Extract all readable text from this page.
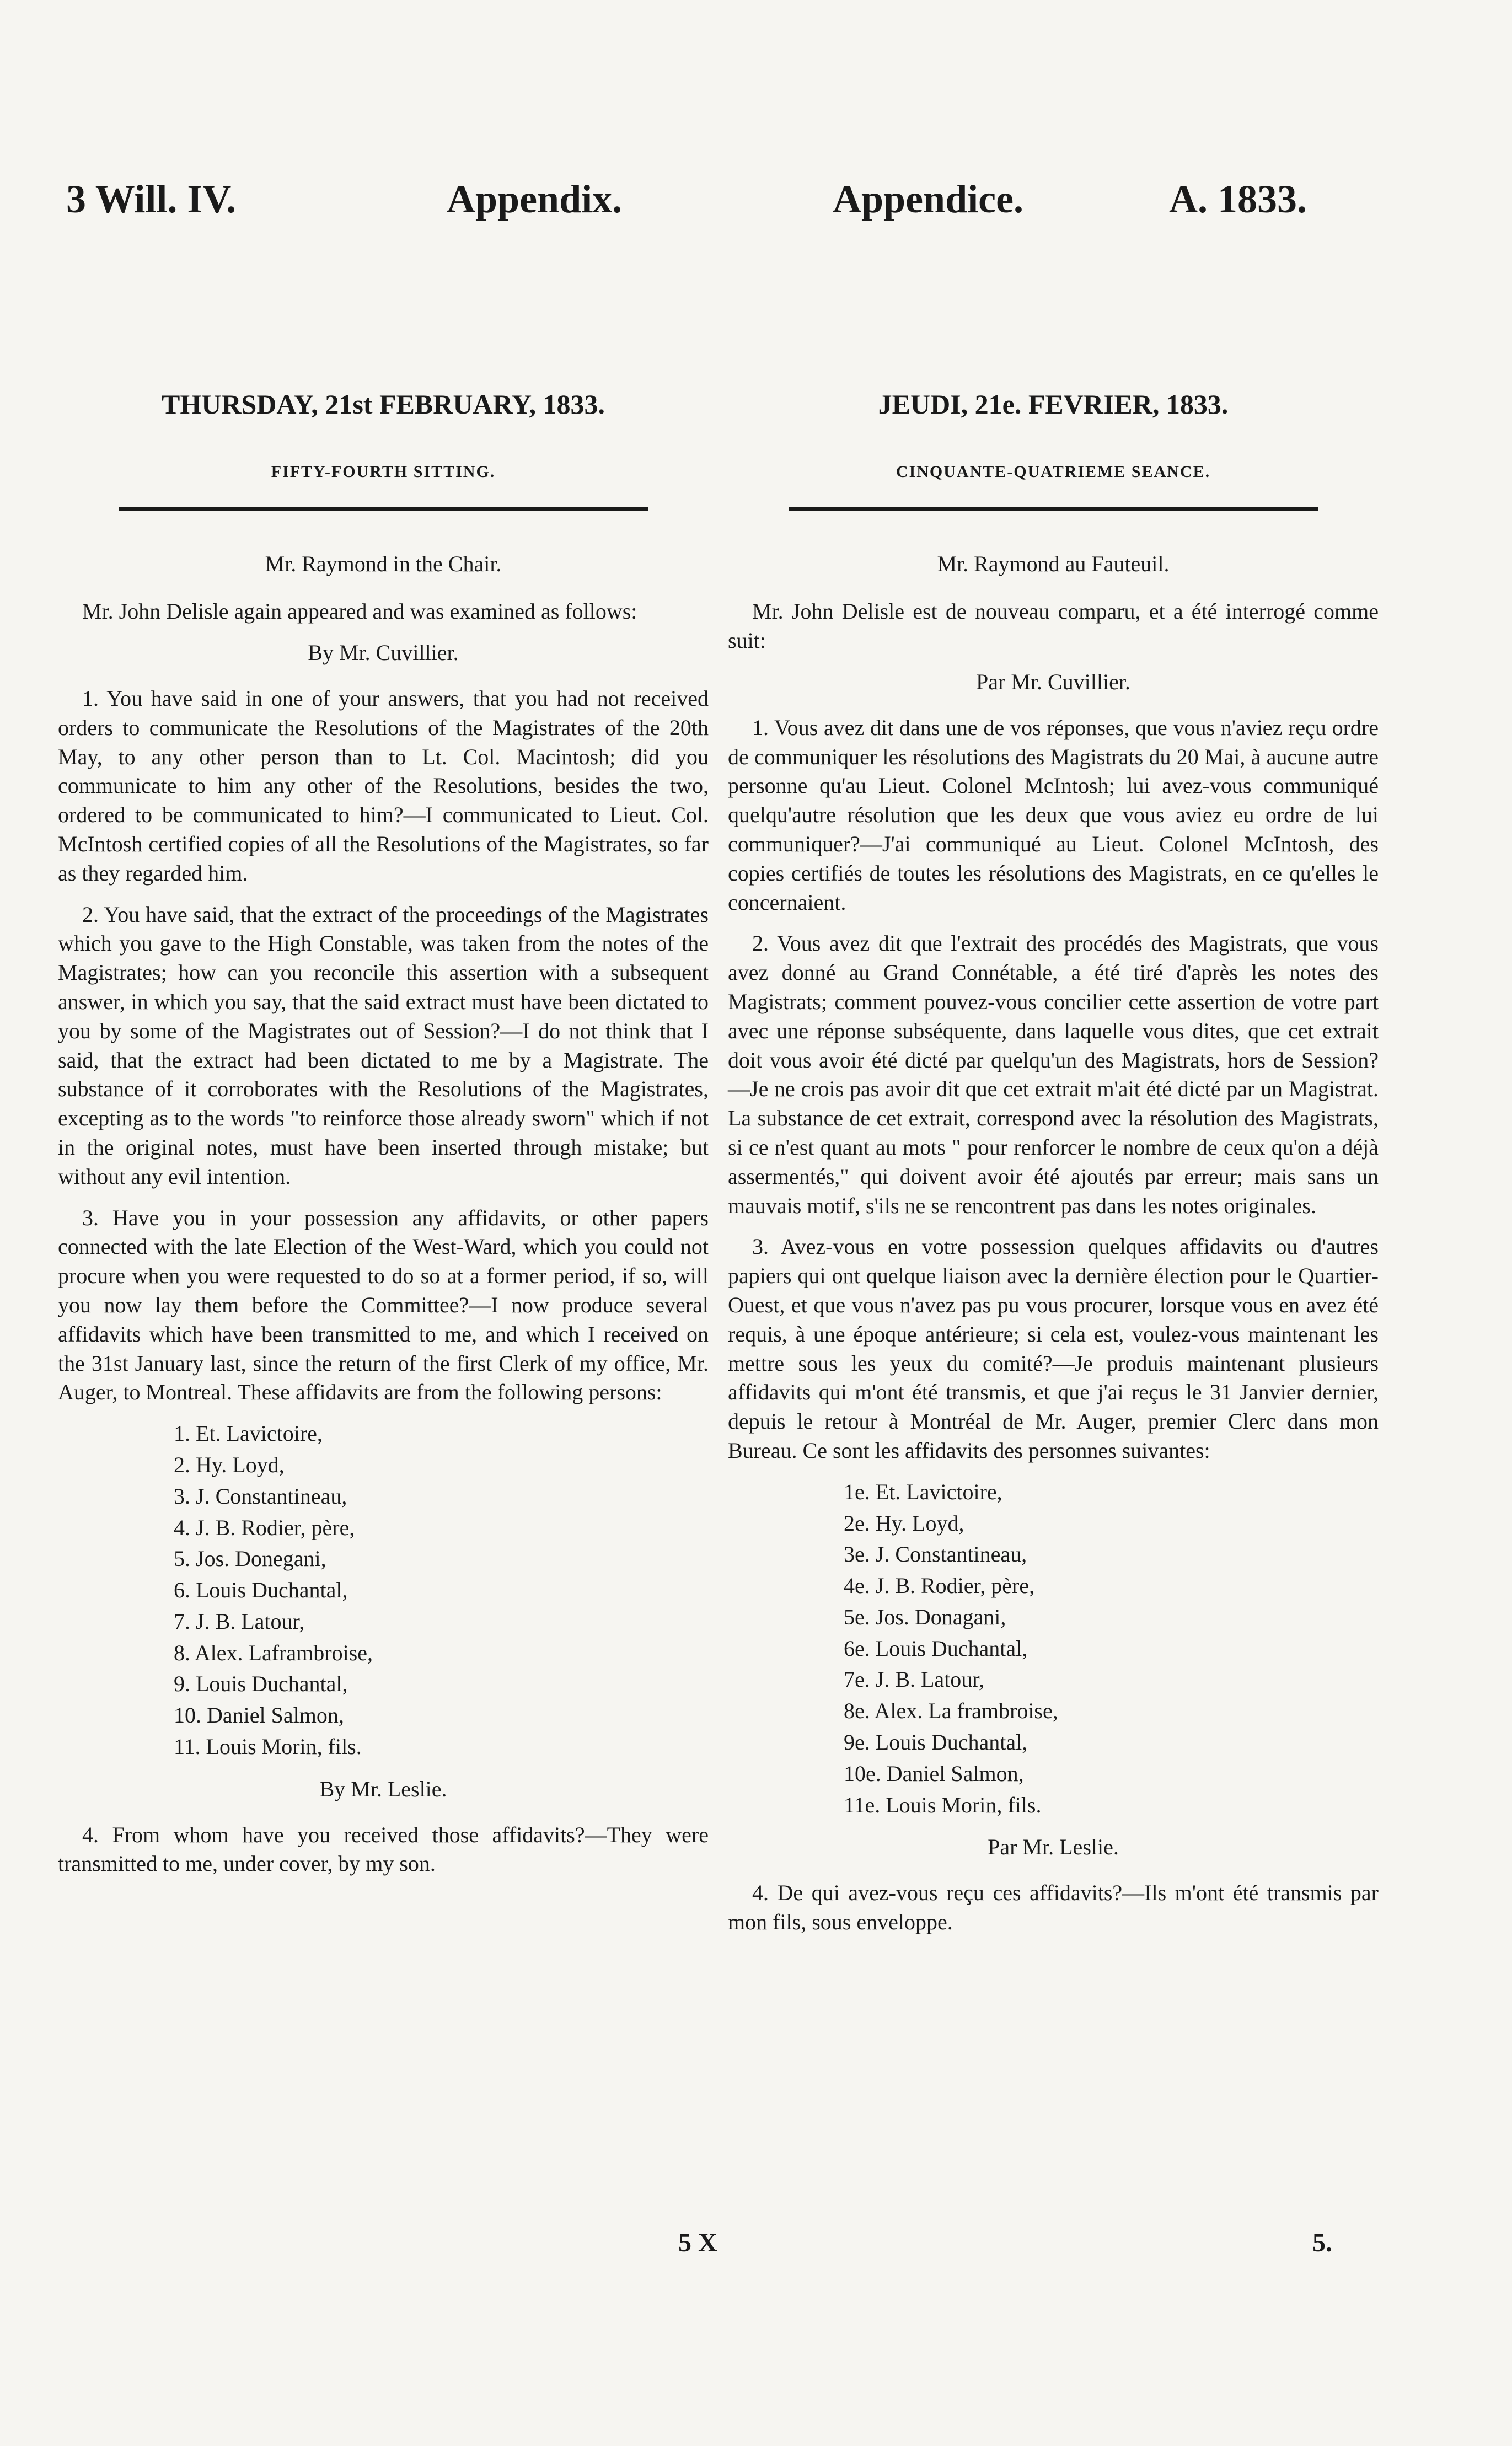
3 Will. IV.	Appendix.	Appendice.	A. 1833.
THURSDAY, 21st FEBRUARY, 1833.
FIFTY-FOURTH SITTING.
Mr. Raymond in the Chair.

Mr. John Delisle again appeared and was examined as follows:

By Mr. Cuvillier.

1. You have said in one of your answers, that you had not received orders to communicate the Resolutions of the Magistrates of the 20th May, to any other person than to Lt. Col. Macintosh; did you communicate to him any other of the Resolutions, besides the two, ordered to be communicated to him?—I communicated to Lieut. Col. McIntosh certified copies of all the Resolutions of the Magistrates, so far as they regarded him.

2. You have said, that the extract of the proceedings of the Magistrates which you gave to the High Constable, was taken from the notes of the Magistrates; how can you reconcile this assertion with a subsequent answer, in which you say, that the said extract must have been dictated to you by some of the Magistrates out of Session?—I do not think that I said, that the extract had been dictated to me by a Magistrate. The substance of it corroborates with the Resolutions of the Magistrates, excepting as to the words "to reinforce those already sworn" which if not in the original notes, must have been inserted through mistake; but without any evil intention.

3. Have you in your possession any affidavits, or other papers connected with the late Election of the West-Ward, which you could not procure when you were requested to do so at a former period, if so, will you now lay them before the Committee?—I now produce several affidavits which have been transmitted to me, and which I received on the 31st January last, since the return of the first Clerk of my office, Mr. Auger, to Montreal. These affidavits are from the following persons:

1. Et. Lavictoire,
2. Hy. Loyd,
3. J. Constantineau,
4. J. B. Rodier, père,
5. Jos. Donegani,
6. Louis Duchantal,
7. J. B. Latour,
8. Alex. Laframbroise,
9. Louis Duchantal,
10. Daniel Salmon,
11. Louis Morin, fils.
By Mr. Leslie.

4. From whom have you received those affidavits?—They were transmitted to me, under cover, by my son.

JEUDI, 21e. FEVRIER, 1833.
CINQUANTE-QUATRIEME SEANCE.
Mr. Raymond au Fauteuil.

Mr. John Delisle est de nouveau comparu, et a été interrogé comme suit:

Par Mr. Cuvillier.

1. Vous avez dit dans une de vos réponses, que vous n'aviez reçu ordre de communiquer les résolutions des Magistrats du 20 Mai, à aucune autre personne qu'au Lieut. Colonel McIntosh; lui avez-vous communiqué quelqu'autre résolution que les deux que vous aviez eu ordre de lui communiquer?—J'ai communiqué au Lieut. Colonel McIntosh, des copies certifiés de toutes les résolutions des Magistrats, en ce qu'elles le concernaient.

2. Vous avez dit que l'extrait des procédés des Magistrats, que vous avez donné au Grand Connétable, a été tiré d'après les notes des Magistrats; comment pouvez-vous concilier cette assertion de votre part avec une réponse subséquente, dans laquelle vous dites, que cet extrait doit vous avoir été dicté par quelqu'un des Magistrats, hors de Session?—Je ne crois pas avoir dit que cet extrait m'ait été dicté par un Magistrat. La substance de cet extrait, correspond avec la résolution des Magistrats, si ce n'est quant au mots " pour renforcer le nombre de ceux qu'on a déjà assermentés," qui doivent avoir été ajoutés par erreur; mais sans un mauvais motif, s'ils ne se rencontrent pas dans les notes originales.

3. Avez-vous en votre possession quelques affidavits ou d'autres papiers qui ont quelque liaison avec la dernière élection pour le Quartier-Ouest, et que vous n'avez pas pu vous procurer, lorsque vous en avez été requis, à une époque antérieure; si cela est, voulez-vous maintenant les mettre sous les yeux du comité?—Je produis maintenant plusieurs affidavits qui m'ont été transmis, et que j'ai reçus le 31 Janvier dernier, depuis le retour à Montréal de Mr. Auger, premier Clerc dans mon Bureau. Ce sont les affidavits des personnes suivantes:

1e. Et. Lavictoire,
2e. Hy. Loyd,
3e. J. Constantineau,
4e. J. B. Rodier, père,
5e. Jos. Donagani,
6e. Louis Duchantal,
7e. J. B. Latour,
8e. Alex. La frambroise,
9e. Louis Duchantal,
10e. Daniel Salmon,
11e. Louis Morin, fils.
Par Mr. Leslie.

4. De qui avez-vous reçu ces affidavits?—Ils m'ont été transmis par mon fils, sous enveloppe.

5 X	5.
